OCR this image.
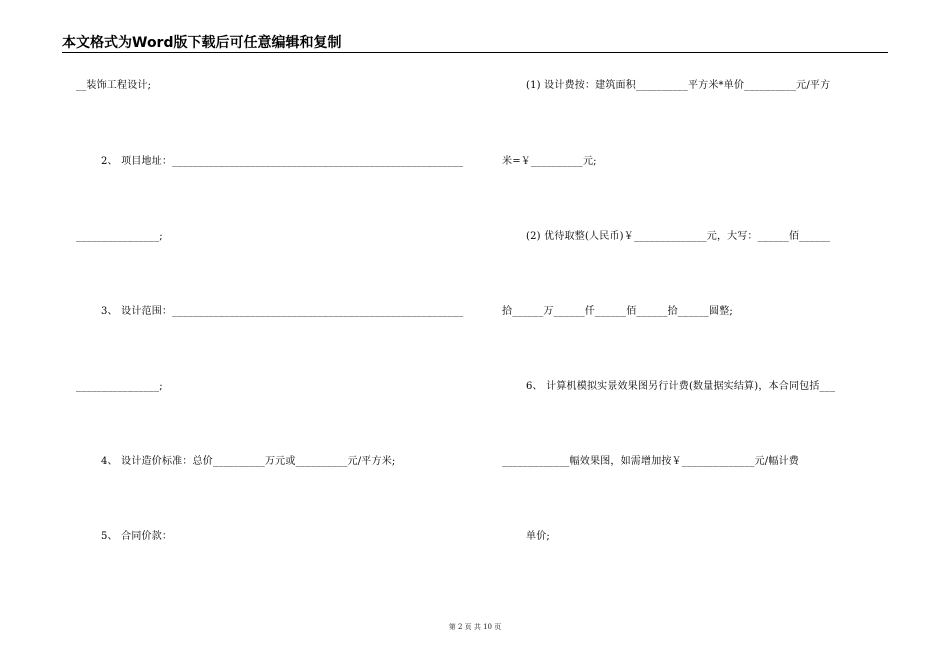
本文格式为Word版下载后可任意编辑和复制
__装饰工程设计;
2、 项目地址：________________________________________________________
________________;
3、 设计范围：________________________________________________________
________________;
4、 设计造价标准：总价__________万元或__________元/平方米;
5、 合同价款：
(1) 设计费按：建筑面积__________平方米*单价__________元/平方
米=￥__________元;
(2) 优待取整(人民币)￥______________元，大写：______佰______
拾______万______仟______佰______拾______圆整;
6、 计算机模拟实景效果图另行计费(数量据实结算)，本合同包括___
_____________幅效果图，如需增加按￥______________元/幅计费
单价;
第 2 页 共 10 页
